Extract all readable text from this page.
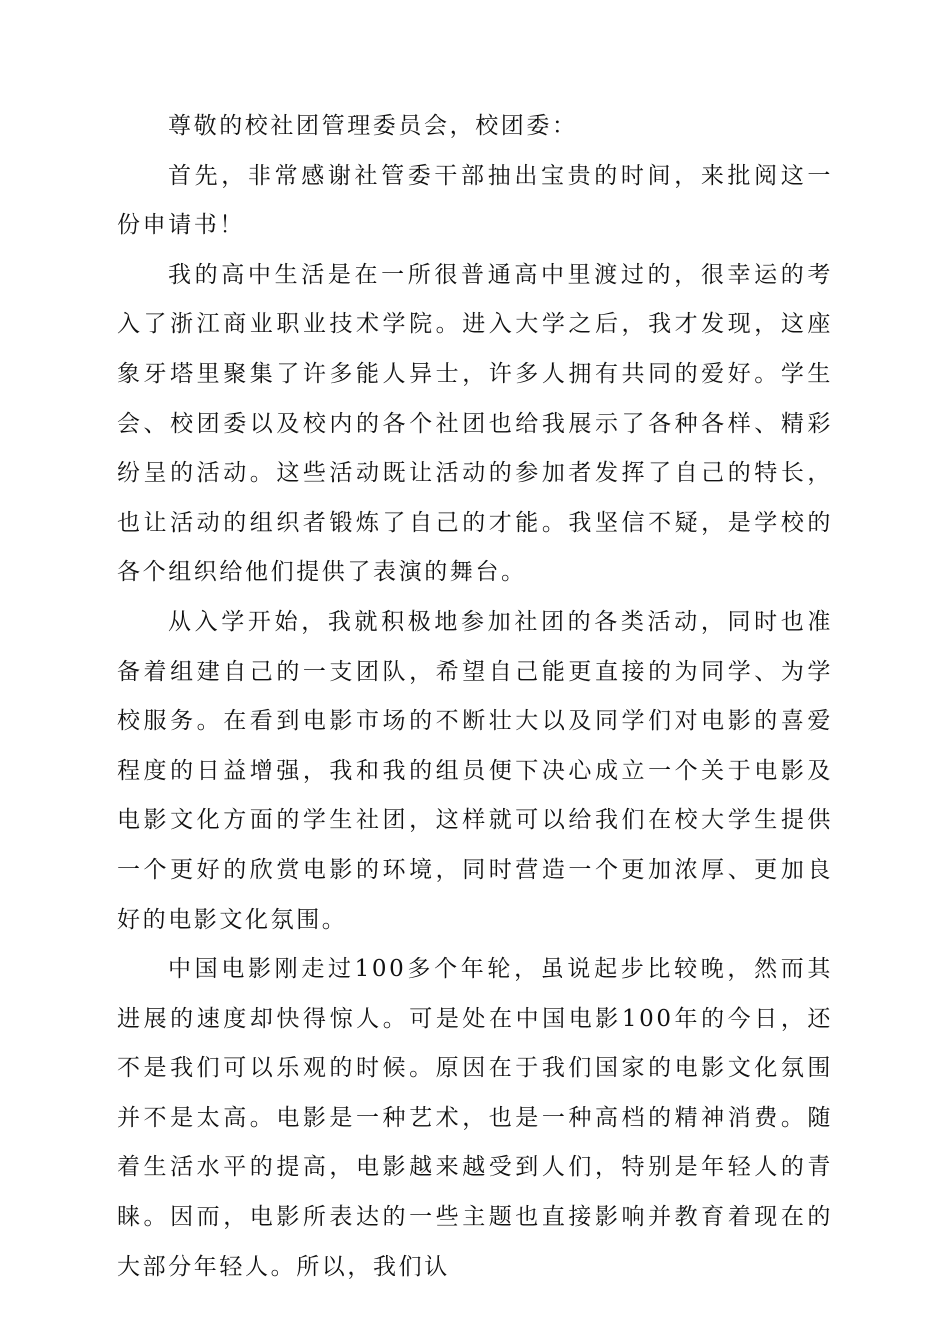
尊敬的校社团管理委员会，校团委：

首先，非常感谢社管委干部抽出宝贵的时间，来批阅这一份申请书！

我的高中生活是在一所很普通高中里渡过的，很幸运的考入了浙江商业职业技术学院。进入大学之后，我才发现，这座象牙塔里聚集了许多能人异士，许多人拥有共同的爱好。学生会、校团委以及校内的各个社团也给我展示了各种各样、精彩纷呈的活动。这些活动既让活动的参加者发挥了自己的特长，也让活动的组织者锻炼了自己的才能。我坚信不疑，是学校的各个组织给他们提供了表演的舞台。

从入学开始，我就积极地参加社团的各类活动，同时也准备着组建自己的一支团队，希望自己能更直接的为同学、为学校服务。在看到电影市场的不断壮大以及同学们对电影的喜爱程度的日益增强，我和我的组员便下决心成立一个关于电影及电影文化方面的学生社团，这样就可以给我们在校大学生提供一个更好的欣赏电影的环境，同时营造一个更加浓厚、更加良好的电影文化氛围。

中国电影刚走过100多个年轮，虽说起步比较晚，然而其进展的速度却快得惊人。可是处在中国电影100年的今日，还不是我们可以乐观的时候。原因在于我们国家的电影文化氛围并不是太高。电影是一种艺术，也是一种高档的精神消费。随着生活水平的提高，电影越来越受到人们，特别是年轻人的青睐。因而，电影所表达的一些主题也直接影响并教育着现在的大部分年轻人。所以，我们认
